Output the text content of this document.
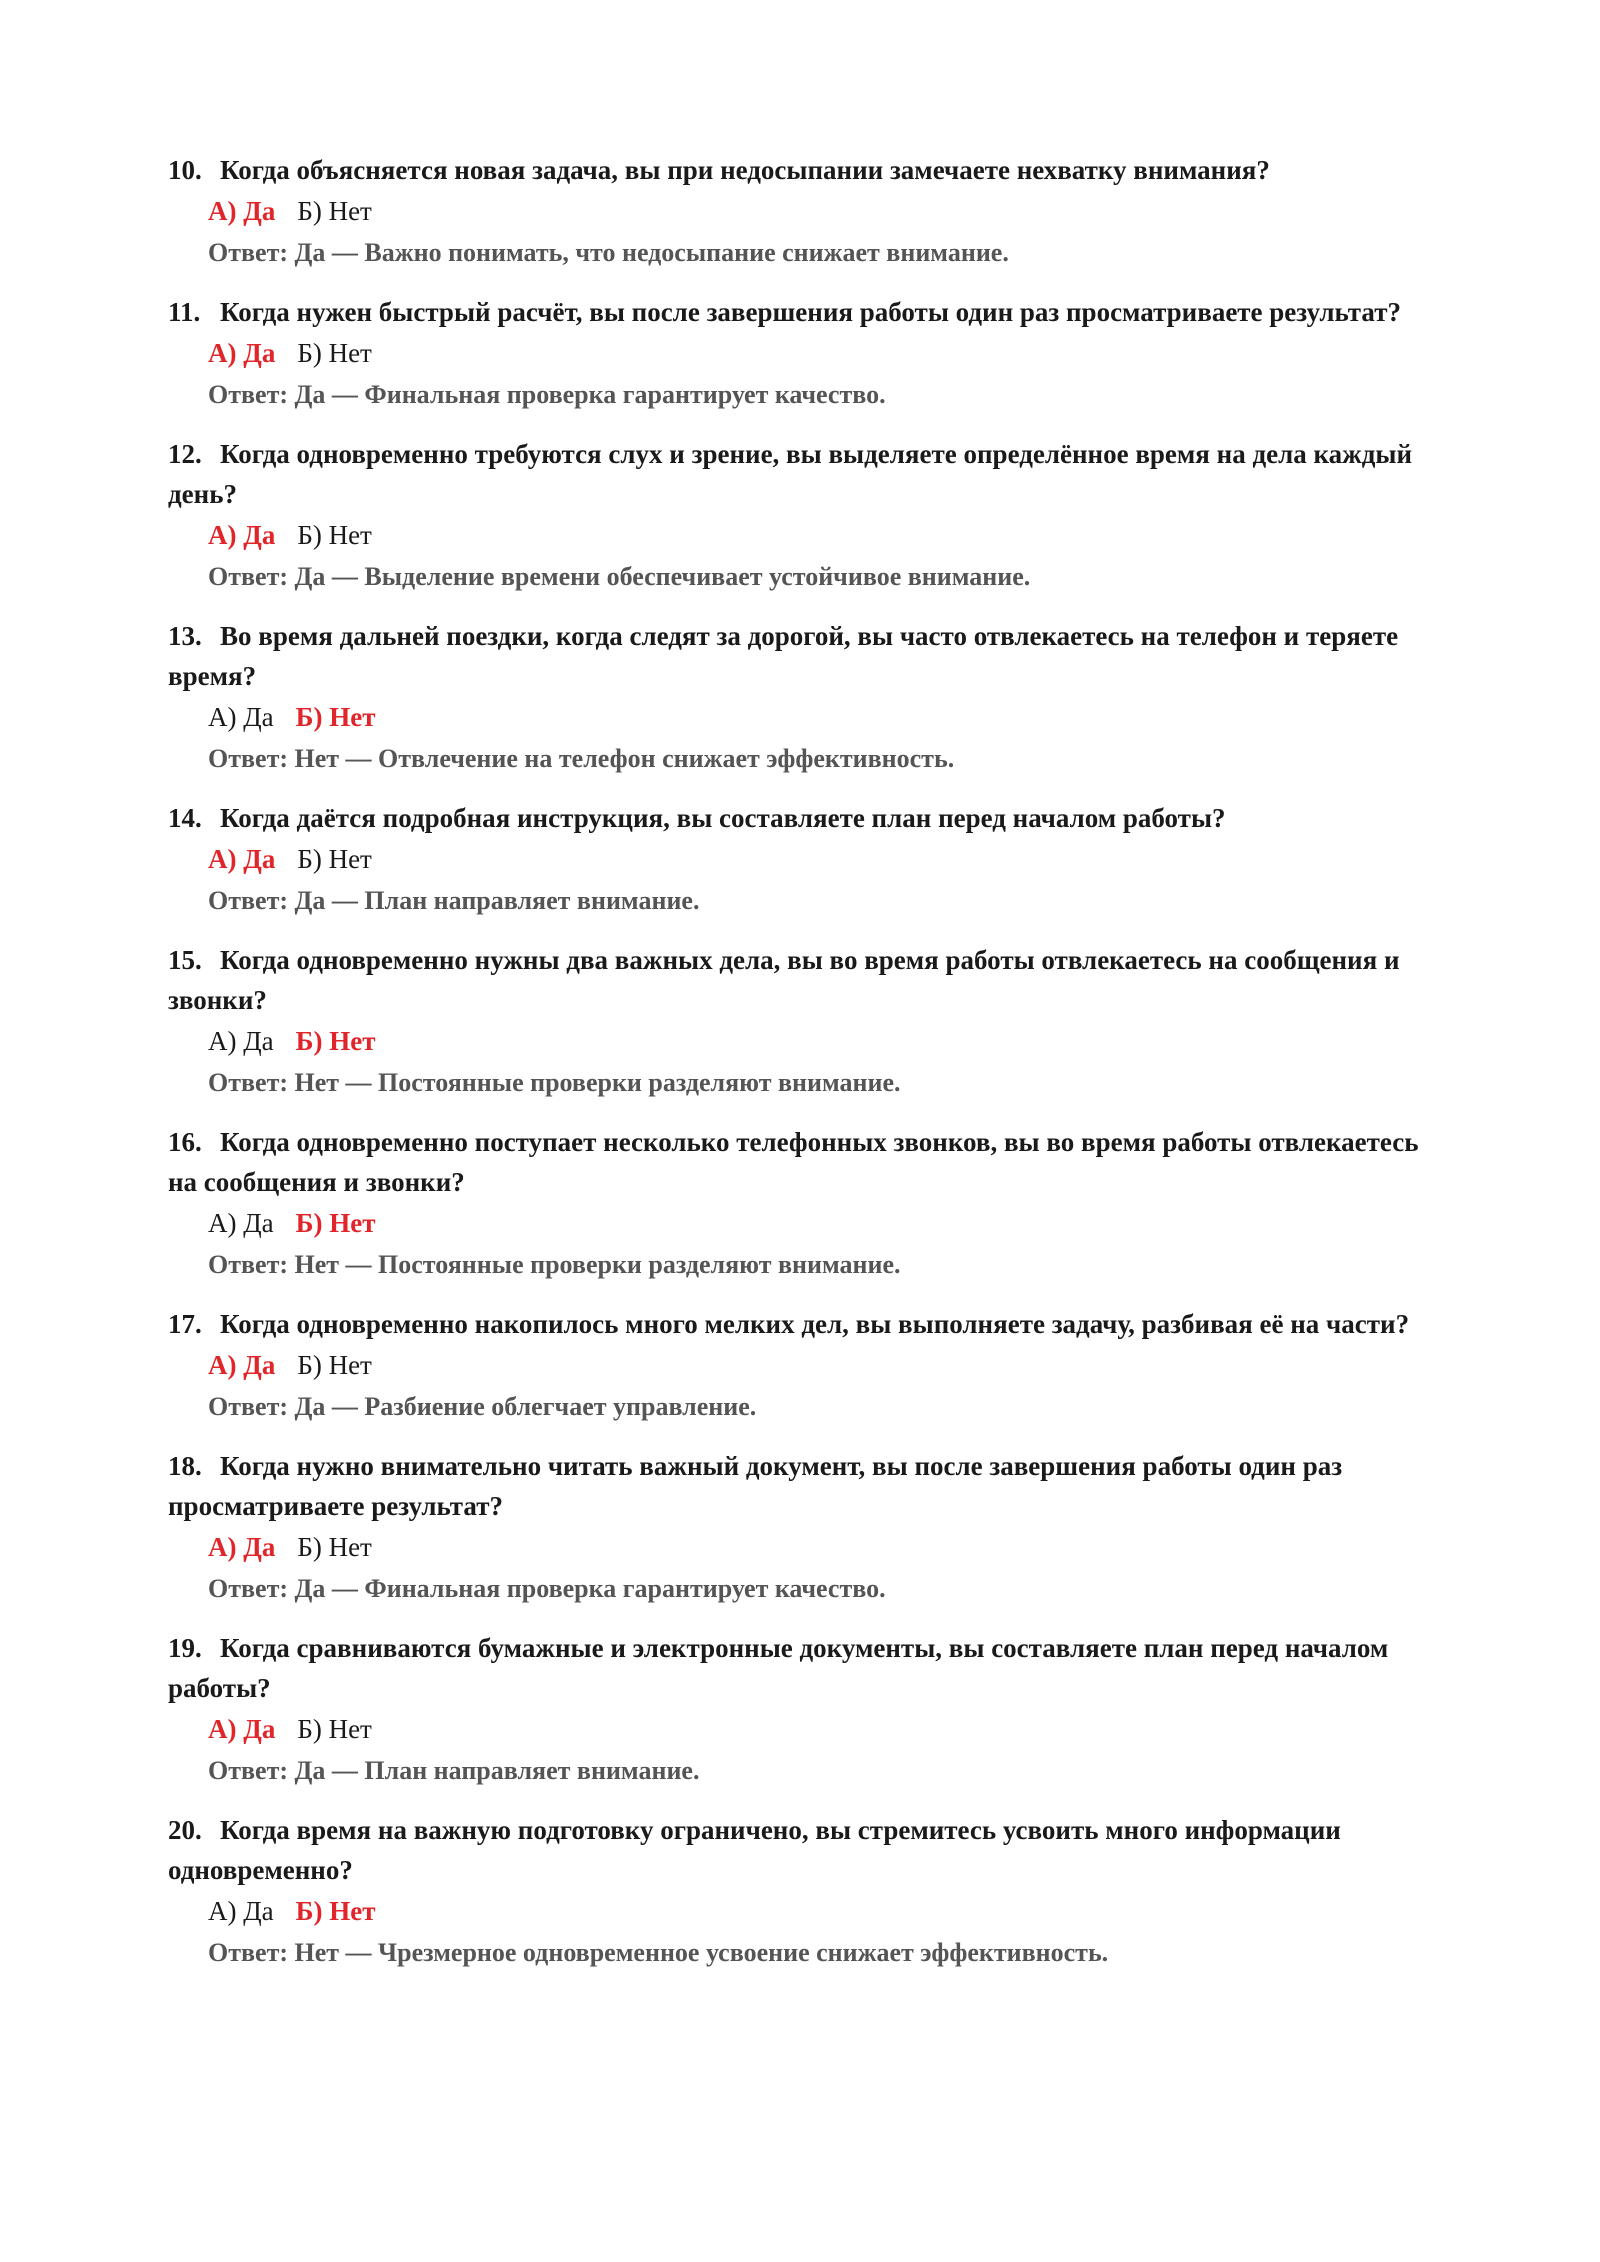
10. Когда объясняется новая задача, вы при недосыпании замечаете нехватку внимания?
А) Да Б) Нет
Ответ: Да — Важно понимать, что недосыпание снижает внимание.
11. Когда нужен быстрый расчёт, вы после завершения работы один раз просматриваете результат?
А) Да Б) Нет
Ответ: Да — Финальная проверка гарантирует качество.
12. Когда одновременно требуются слух и зрение, вы выделяете определённое время на дела каждый день?
А) Да Б) Нет
Ответ: Да — Выделение времени обеспечивает устойчивое внимание.
13. Во время дальней поездки, когда следят за дорогой, вы часто отвлекаетесь на телефон и теряете время?
А) Да Б) Нет
Ответ: Нет — Отвлечение на телефон снижает эффективность.
14. Когда даётся подробная инструкция, вы составляете план перед началом работы?
А) Да Б) Нет
Ответ: Да — План направляет внимание.
15. Когда одновременно нужны два важных дела, вы во время работы отвлекаетесь на сообщения и звонки?
А) Да Б) Нет
Ответ: Нет — Постоянные проверки разделяют внимание.
16. Когда одновременно поступает несколько телефонных звонков, вы во время работы отвлекаетесь на сообщения и звонки?
А) Да Б) Нет
Ответ: Нет — Постоянные проверки разделяют внимание.
17. Когда одновременно накопилось много мелких дел, вы выполняете задачу, разбивая её на части?
А) Да Б) Нет
Ответ: Да — Разбиение облегчает управление.
18. Когда нужно внимательно читать важный документ, вы после завершения работы один раз просматриваете результат?
А) Да Б) Нет
Ответ: Да — Финальная проверка гарантирует качество.
19. Когда сравниваются бумажные и электронные документы, вы составляете план перед началом работы?
А) Да Б) Нет
Ответ: Да — План направляет внимание.
20. Когда время на важную подготовку ограничено, вы стремитесь усвоить много информации одновременно?
А) Да Б) Нет
Ответ: Нет — Чрезмерное одновременное усвоение снижает эффективность.
